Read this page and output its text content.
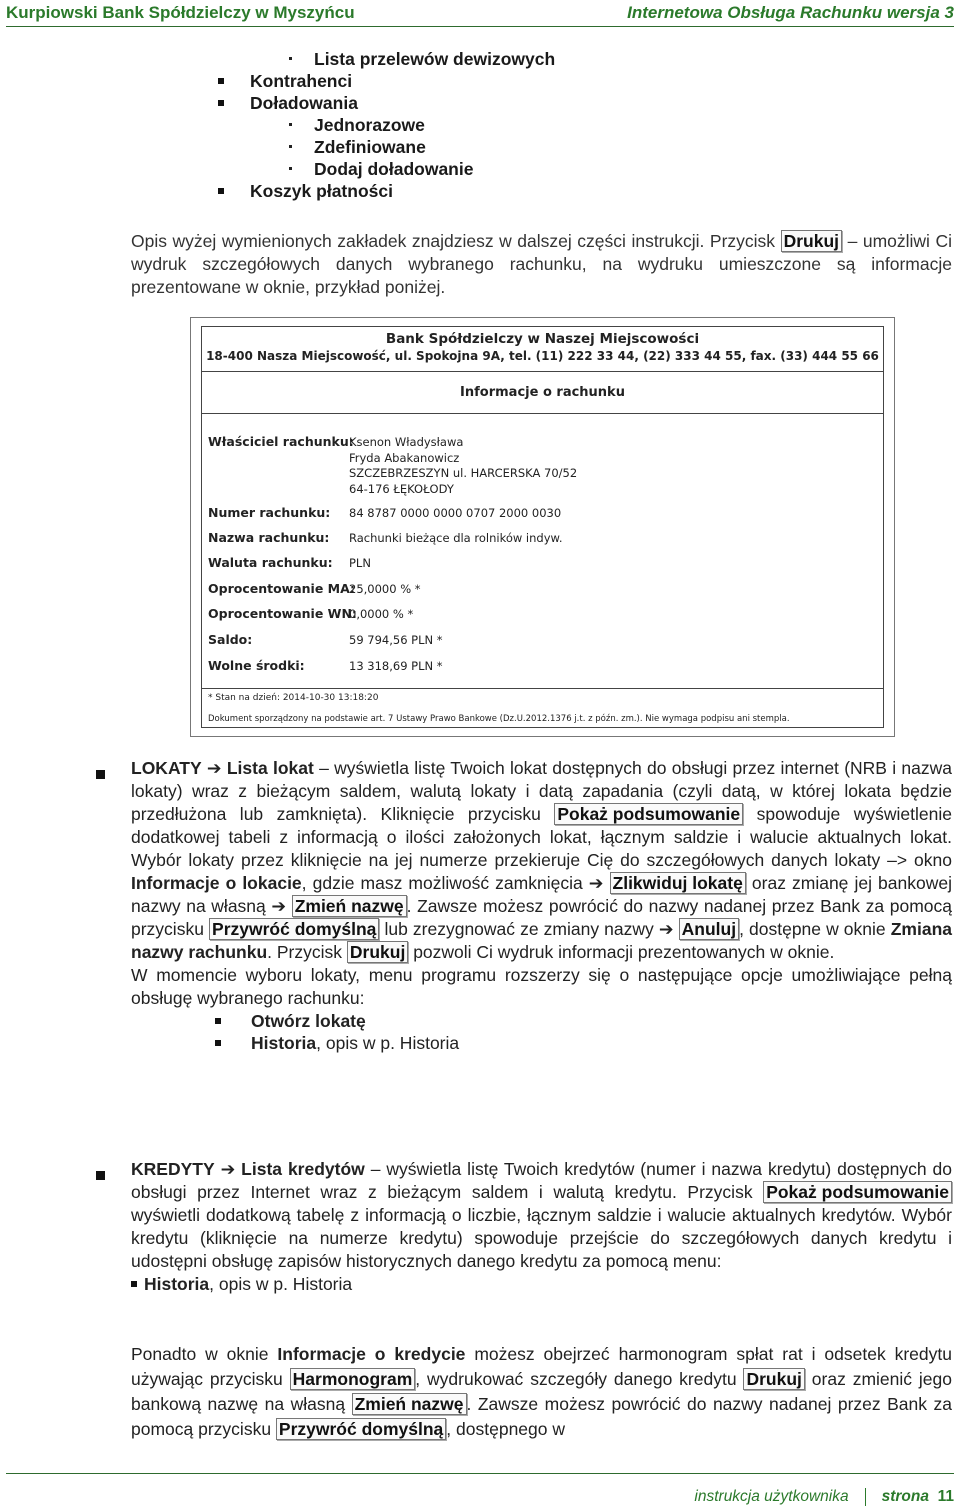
Kurpiowski Bank Spółdzielczy w Myszyńcu	Internetowa Obsługa Rachunku wersja 3
Lista przelewów dewizowych
Kontrahenci
Doładowania
Jednorazowe
Zdefiniowane
Dodaj doładowanie
Koszyk płatności
Opis wyżej wymienionych zakładek znajdziesz w dalszej części instrukcji. Przycisk Drukuj – umożliwi Ci wydruk szczegółowych danych wybranego rachunku, na wydruku umieszczone są informacje prezentowane w oknie, przykład poniżej.
Bank Spółdzielczy w Naszej Miejscowości
18-400 Nasza Miejscowość, ul. Spokojna 9A, tel. (11) 222 33 44, (22) 333 44 55, fax. (33) 444 55 66
Informacje o rachunku
Właściciel rachunku:
Ksenon Władysława
Fryda Abakanowicz
SZCZEBRZESZYN ul. HARCERSKA 70/52
64-176 ŁĘKOŁODY
Numer rachunku: 84 8787 0000 0000 0707 2000 0030
Nazwa rachunku: Rachunki bieżące dla rolników indyw.
Waluta rachunku: PLN
Oprocentowanie MA:
25,0000 % *
Oprocentowanie WN:
0,0000 % *
Saldo:	59 794,56 PLN *
Wolne środki:	13 318,69 PLN *
* Stan na dzień: 2014-10-30 13:18:20
Dokument sporządzony na podstawie art. 7 Ustawy Prawo Bankowe (Dz.U.2012.1376 j.t. z późn. zm.). Nie wymaga podpisu ani stempla.
LOKATY ➔ Lista lokat – wyświetla listę Twoich lokat dostępnych do obsługi przez internet (NRB i nazwa lokaty) wraz z bieżącym saldem, walutą lokaty i datą zapadania (czyli datą, w której lokata będzie przedłużona lub zamknięta). Kliknięcie przycisku Pokaż podsumowanie spowoduje wyświetlenie dodatkowej tabeli z informacją o ilości założonych lokat, łącznym saldzie i walucie aktualnych lokat. Wybór lokaty przez kliknięcie na jej numerze przekieruje Cię do szczegółowych danych lokaty –> okno Informacje o lokacie, gdzie masz możliwość zamknięcia ➔ Zlikwiduj lokatę oraz zmianę jej bankowej nazwy na własną ➔ Zmień nazwę . Zawsze możesz powrócić do nazwy nadanej przez Bank za pomocą przycisku Przywróć domyślną lub zrezygnować ze zmiany nazwy ➔ Anuluj , dostępne w oknie Zmiana nazwy rachunku. Przycisk Drukuj pozwoli Ci wydruk informacji prezentowanych w oknie.
W momencie wyboru lokaty, menu programu rozszerzy się o następujące opcje umożliwiające pełną obsługę wybranego rachunku:
Otwórz lokatę
Historia, opis w p. Historia
KREDYTY ➔ Lista kredytów – wyświetla listę Twoich kredytów (numer i nazwa kredytu) dostępnych do obsługi przez Internet wraz z bieżącym saldem i walutą kredytu. Przycisk Pokaż podsumowanie wyświetli dodatkową tabelę z informacją o liczbie, łącznym saldzie i walucie aktualnych kredytów. Wybór kredytu (kliknięcie na numerze kredytu) spowoduje przejście do szczegółowych danych kredytu i udostępni obsługę zapisów historycznych danego kredytu za pomocą menu:
Historia, opis w p. Historia
Ponadto w oknie Informacje o kredycie możesz obejrzeć harmonogram spłat rat i odsetek kredytu używając przycisku Harmonogram , wydrukować szczegóły danego kredytu Drukuj oraz zmienić jego bankową nazwę na własną Zmień nazwę . Zawsze możesz powrócić do nazwy nadanej przez Bank za pomocą przycisku Przywróć domyślną , dostępnego w
instrukcja użytkownika strona 11
